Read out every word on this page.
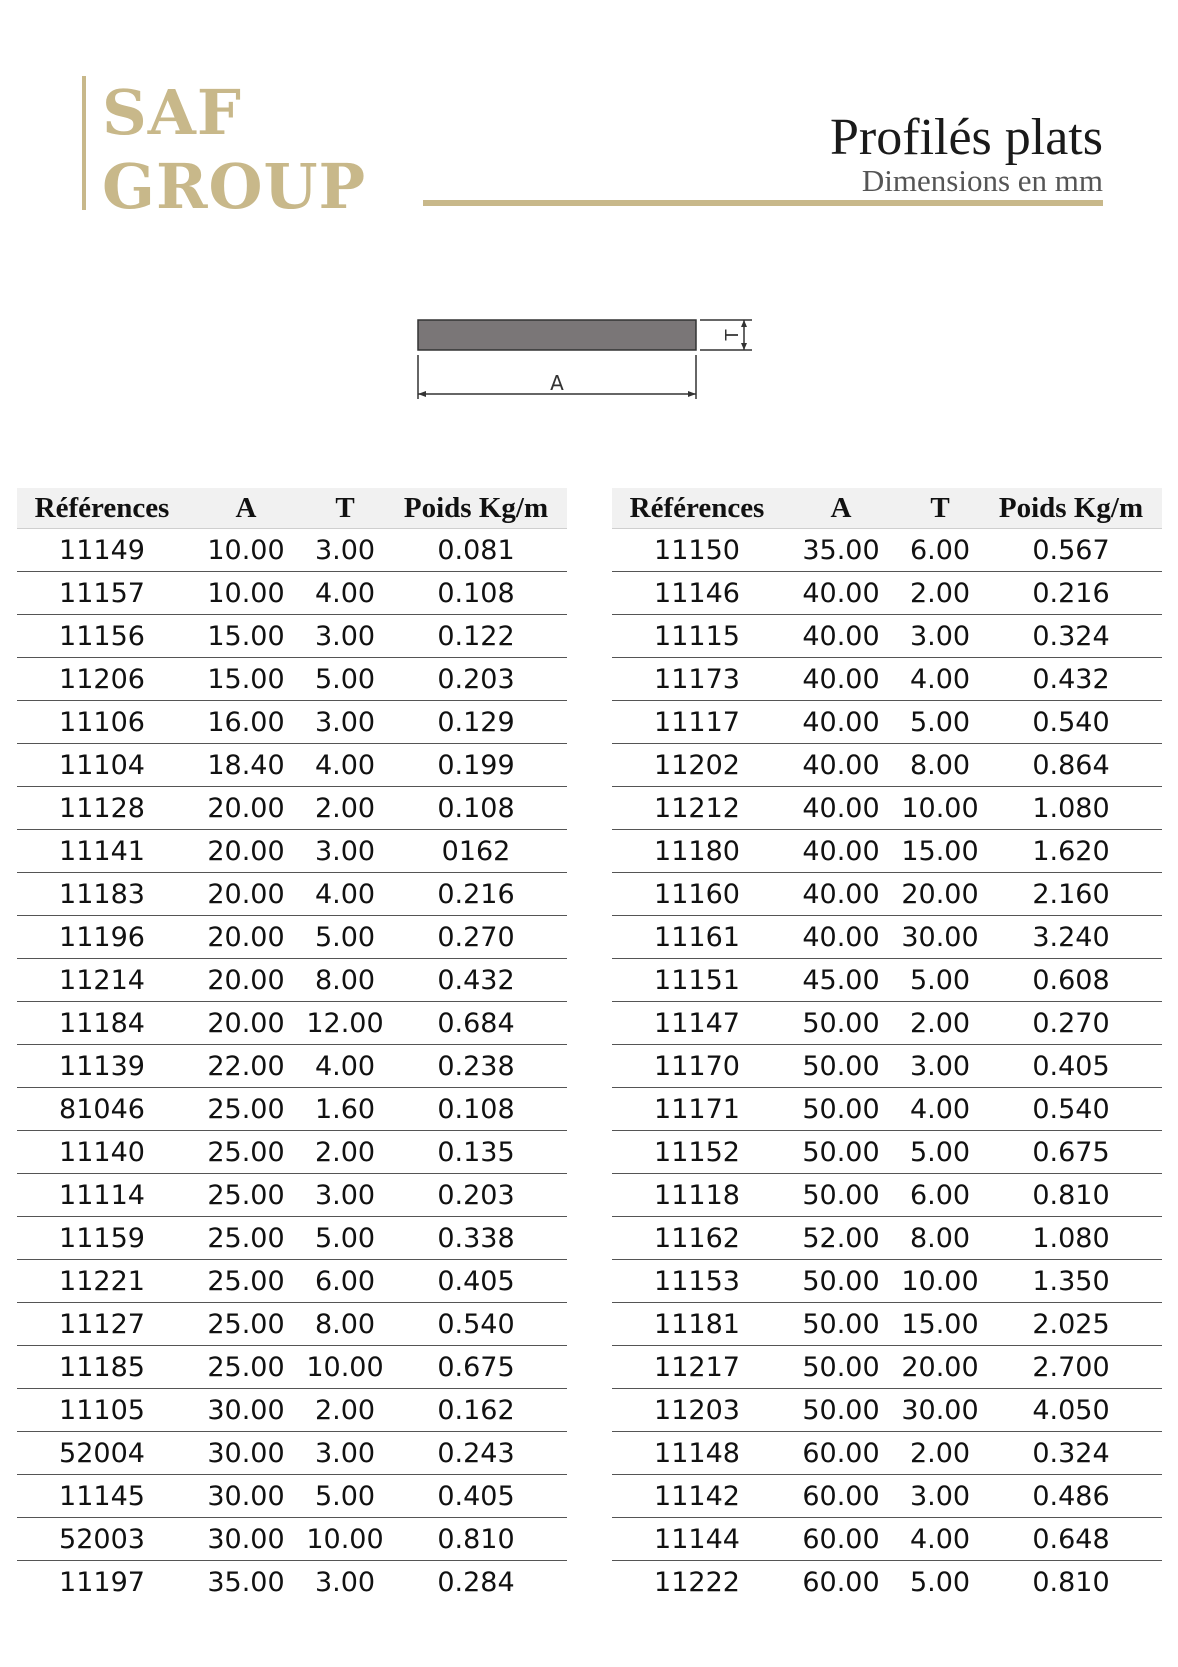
SAF
GROUP
Profilés plats
Dimensions en mm
A
T
Références	A	T	Poids Kg/m
11149	10.00	3.00	0.081
11157	10.00	4.00	0.108
11156	15.00	3.00	0.122
11206	15.00	5.00	0.203
11106	16.00	3.00	0.129
11104	18.40	4.00	0.199
11128	20.00	2.00	0.108
11141	20.00	3.00	0162
11183	20.00	4.00	0.216
11196	20.00	5.00	0.270
11214	20.00	8.00	0.432
11184	20.00 12.00	0.684
11139	22.00	4.00	0.238
81046	25.00	1.60	0.108
11140	25.00	2.00	0.135
11114	25.00	3.00	0.203
11159	25.00	5.00	0.338
11221	25.00	6.00	0.405
11127	25.00	8.00	0.540
11185	25.00 10.00	0.675
11105	30.00	2.00	0.162
52004	30.00	3.00	0.243
11145	30.00	5.00	0.405
52003	30.00 10.00	0.810
11197	35.00	3.00	0.284
Références	A	T	Poids Kg/m
11150	35.00	6.00	0.567
11146	40.00	2.00	0.216
11115	40.00	3.00	0.324
11173	40.00	4.00	0.432
11117	40.00	5.00	0.540
11202	40.00	8.00	0.864
11212	40.00 10.00	1.080
11180	40.00 15.00	1.620
11160	40.00 20.00	2.160
11161	40.00 30.00	3.240
11151	45.00	5.00	0.608
11147	50.00	2.00	0.270
11170	50.00	3.00	0.405
11171	50.00	4.00	0.540
11152	50.00	5.00	0.675
11118	50.00	6.00	0.810
11162	52.00	8.00	1.080
11153	50.00 10.00	1.350
11181	50.00 15.00	2.025
11217	50.00 20.00	2.700
11203	50.00 30.00	4.050
11148	60.00	2.00	0.324
11142	60.00	3.00	0.486
11144	60.00	4.00	0.648
11222	60.00	5.00	0.810
